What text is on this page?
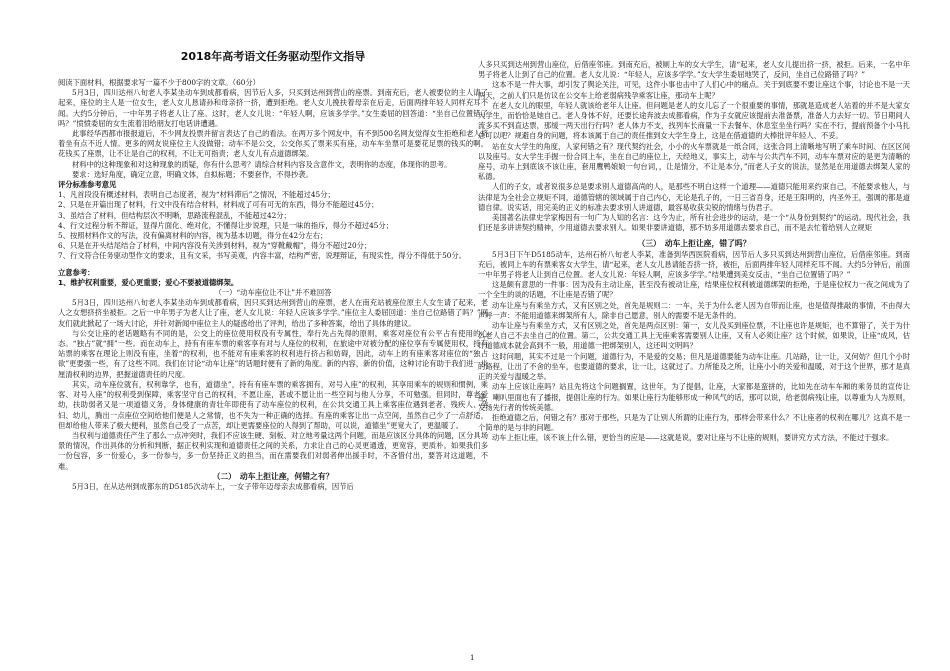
2018年高考语文任务驱动型作文指导

阅读下面材料，根据要求写一篇不少于800字的文章。（60分）

5月3日，四川达州八旬老人李某坐动车到成都看病，因节后人多，只买到达州到营山的座票。到南充后，老人被要位的主人请了起来，座位的主人是一位女生，老人女儿恳请孙和母亲挤一挤，遭到拒绝。老人女儿挽扶着母亲在后走，后面两排年轻人同样充耳不闻。大约5分钟后，一中年男子将老人让了座。这时，老人女儿说：“年轻人啊，应该多学学。”女生委屈的回答道：“坐自己位置错了吗？”愤愤委屈的女生流着泪给朋友打电话讲遭遇。

此事经华西都市报报道后，不少网友投票并留言表达了自己的看法。在两万多个网友中，有不到500名网友觉得女生拒绝和老人挤着坐有点不近人情。更多的网友说座位主人没做错；动车不是公交，公交你买了票来买有座，动车车坐票可是要花足票的钱买的啊，花钱买了座票，让不让是自己的权利，不让无可指责；老人女儿有点道德绑架。

材料中的这种现象和对这种现象的质疑，你有什么思考？请综合材料内容及含意作文，表明你的态度，体现你的思考。

要求：选好角度，确定立意，明确文体，自拟标题；不要套作，不得抄袭。

评分标准参考意见

1、凡首段没有概述材料，表明自己态度者，视为“材料滞后”之情况，不能超过45分；

2、只是在开篇出现了材料，行文中没有结合材料，材料成了可有可无的东西，得分不能超过45分；

3、虽结合了材料，但结构层次不明晰，思路流程混乱，不能超过42分；

4、行文过程分析不辩证，显得片面化、绝对化，不懂得让步说理，只是一味的指斥，得分不超过45分；

5、按照材料作文的写法，没有偏离材料的内容，视为基本切题，得分在42分左右；

6、只是在开头结尾结合了材料，中间内容没有关涉到材料，视为“穿靴戴帽”，得分不超过20分；

7、行文符合任务驱动型作文的要求，且有文采，书写美观，内容丰富，结构严密，说理辩证，有现实性，得分不得低于50分。

立意参考：

1、维护权利重要，爱心更重要；爱心不要被道德绑架。

（一）“动车座位让不让”并不难回答

5月3日，四川达州八旬老人李某坐动车到成都看病，因只买到达州到营山的座票，老人在南充站被座位原主人女生请了起来，老人之女想挤挤坐被拒。之后一中年男子为老人让了座，老人女儿说：年轻人应该多学学。”座位主人委屈回道：坐自己位路错了吗？”网友们就此掀起了一场大讨论，并针对新闻中座位主人的疑惑给出了评判，给出了多种答案，给出了具体的建议。

与公交让座的老话题略有不同的是，公交上的座位使用权没有专属性，奉行先占先得的原则，乘客对座位有公平占有使用的心态。“独占”就“拥”一些。而在动车上，持有有座车票的乘客享有对与人座位的权利，在旅途中对被分配的座位享有专属使用权，持有站票的乘客在理论上则没有座，坐着“的权利，也不能对有座乘客的权利进行挤占和妨碍，因此，动车上的有座乘客对座位的“独占欲”更要强一些，有了这些不同。我们在讨论“动车让座”的话题时便有了新的角度。新的内容，新的价值，这种讨论有助于我们进一步厘清权利的边界，把握道德责任的尺度。

其实，动车座位就有，权利靠学，也有，道德坐”，持有有座车票的乘客拥有，对号入座”的权利，其享用乘车的规则和惯例，乘客、对号入座”的权利受到保障，乘客坚守自己的权利，不愿让座，甚或不愿让出一些空间与他人分享，不可勉强。但同时，尊老爱幼，扶助弱者又是一项道德义务，身体健康的青壮年即使有了动车座位的权利，在公共交通工具上乘客座位遇到老者、残疾人、孕妇、幼儿，腾出一点座位空间给他们便是人之常情，也不失为一种正确的选择。有座的乘客让出一点空间，虽然自己少了一点舒适，但却给他人带来了极大便利，虽然自己受了一点苦，却让更需要座位的人得到了帮助，可以说，道德坐”更宽大了，更温暖了。

当权利与道德责任产生了那么一点冲突时，我们不应该生硬、刻板、对立地考量这两个问题，而是应该区分具体的问题，区分具场景的情况，作出具体的分析和判断，据正权利实现和道德责任之间的关系，力求让自己的心灵更通透，更宽容，更质朴。如果我们多一份包容，多一份爱心，多一份参与，多一份坚持正义的担当，而在需要我们对弱者伸出援手时，不吝惜付出，要答对这道题，不难。

（二）　动车上拒让座，何错之有？

5月3日，在从达州到成都东的D5185次动车上，一女子带年迈母亲去成都看病，因节后

人多只买到达州到营山座位，后借座邻座。到南充后，被厕上车的女大学生，请“起来，老人女儿提出挤一挤，被拒。后来，一名中年男子将老人让到了自己的位置。老人女儿说：“年轻人，应该多学学。”女大学生委屈地哭了，反问，坐自己位路错了吗？”

这本不是一件大事，却引发了舆论关注，可见，这件小事也击中了人们心中的痛点。关于到底要不要让座这个事，讨论也不是一天两天，之前人们只是仿议在公交车上给老弱病残孕乘客让座，那动车上呢？

在老人女儿的眼里，年轻人就该给老年人让座。但问题是老人的女儿忘了一个很重要的事情，那就是造成老人站着的并不是大家女大学生，而恰恰是她自己。老人身体不好，还要长途奔波去成都看病，作为子女就应该提前去准备票，准备人力去好一切。节日期间人流多买不到直达票，那缓一两天出行行吗？老人体力不支，找列车长商量一下去餐车、休息室坐坐行吗？实在不行，提前预备个小马扎总可以吧？规避自身的问题，将本该属于自己的责任推到女大学生身上，这是在借道德的大棒批评年轻人、不妥。

站在女大学生的角度，人家何错之有？现代契约社会，小小的火车票就是一纸合同，这张合同上清晰地写明了乘车时间、在区区间以及座号。女大学生手握一份合同上车，坐在自己的座位上，天经地义，事实上，动车与公共汽车不同，动车车票对应的是更为清晰的座号，动车上到底该不该让座，套用鹰鸭娘娘一句台词，，让是情分，不让是本分，”而老人子女的说法，显然是在用道德去绑架人家的私德。

人们的子女，或者说很多总是要求别人道德高尚的人，是那些不明白这样一个道理——道德只能用来约束自己，不能要求他人，与法律是为全社会立规矩不同，道德管辖的领域属于自己内心，无论是孔子的，一日三省吾身，还是王阳明的，内圣外王，强调的都是道德自律。说实话，用完美的正义的标准去要求别人讲道德，最容易收获尖锐的情绪与伪君子。

美国著名法律史学家梅因有一句广为人知的名言：这今为止，所有社会进步的运动，是一个“从身份到契约”的运动。现代社会，我们还是多讲讲契约精神，少用道德去要求别人。如果非要讲道德，那不妨多用道德去要求自己，而不是去忙着给别人立规矩

（三）　动车上拒让座，错了吗？

5月3日下午D5185动车，达州石桥八旬老人李某，准备到华西医院看病，因节后人多只买到达州到营山座位，后借座邻座。到南充后，被同上车的有票乘客女大学生，请“起来，老人女儿恳请能否挤一挤，被拒，后面两排年轻人同样充耳不闻。大约5分钟后，前面一中年男子将老人让到自己位置。老人女儿说：年轻人啊，应该多学学。”结果遭到美女反击，“坐自己位置错了吗？”

这是颇有意思的一件事：因为没有主动让座，甚至没有被动让座，结果座位权利被道德绑架的拒绝，于是座位权力一夜之间成为了一个全生的谈的话题，不让座是否错了呢？

动车让座与有乘坐方式，又有区别之处，首先是规则二：一车，关于为什么老人因为自带而让座，也是值得推敲的事情，不由得大声呼一声：不能用道德来绑架所有人，除非自己愿意，别人的需要不是无条件的。

动车让座与有乘坐方式，又有区别之处，首先是两点区别：第一，女儿没买到座位票，不让座也许是规矩，也不算错了，关于为什么老人自己不去坐自己的位置。第二，公共交通工具上无座乘客需要别人让座，又有人必须让座？这个时候，如果说，让座“成风，估计道德成本就会高到不一般，用道德一把绑架别人，这还叫文明吗？

这时问题，其实不过是一个问题，道德行为，不是爱的交易；但凡是道德要能为动车让座。几站路，让一让，又何妨？但几个小时的路程，让出了不舍的坐车，也要道德的要求，让一让，这就过了。力所能及之所，让座小小的关爱和温暖，对于这个世界，那才是真正的关爱与温暖之举。

动车上应该让座吗？站且先将这个问题搁置，这世年，为了提倡，让座，大家都是蛮拼的，比如先在动车车厢的乘务员的宣传让座，喇叭里面也有了播报，提倡让座的行为。如果让座行为能够形成一种风气的话，那可以说，给老弱病残让座，以尊重为人为原则，发扬先行者的传统美德。

拒绝道德之后，何错之有？那对于那些，只是为了让别人所谓的让座行为，那样会带来什么？不让座者的权利在哪儿？这真不是一个简单的是与非的问题。

动车上拒让座，该不该上什么错，更恰当的应是——这就是说，要对让座与不让座的规则，要讲究方式方法，不能过于强求。

1
